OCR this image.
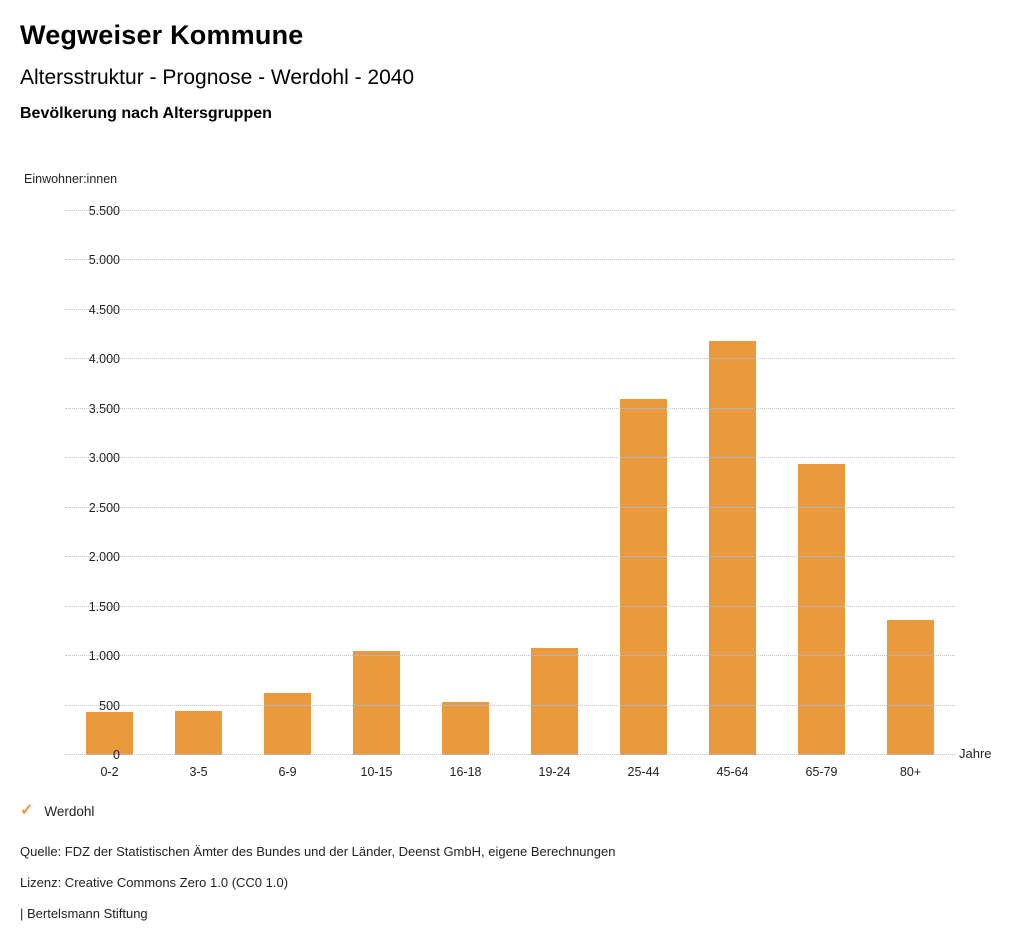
Wegweiser Kommune
Altersstruktur - Prognose - Werdohl - 2040
Bevölkerung nach Altersgruppen
Einwohner:innen
0
500
1.000
1.500
2.000
2.500
3.000
3.500
4.000
4.500
5.000
5.500
0-2	3-5	6-9	10-15	16-18	19-24	25-44	45-64	65-79	80+
Jahre
✓ Werdohl
Quelle: FDZ der Statistischen Ämter des Bundes und der Länder, Deenst GmbH, eigene Berechnungen
Lizenz: Creative Commons Zero 1.0 (CC0 1.0)
| Bertelsmann Stiftung
